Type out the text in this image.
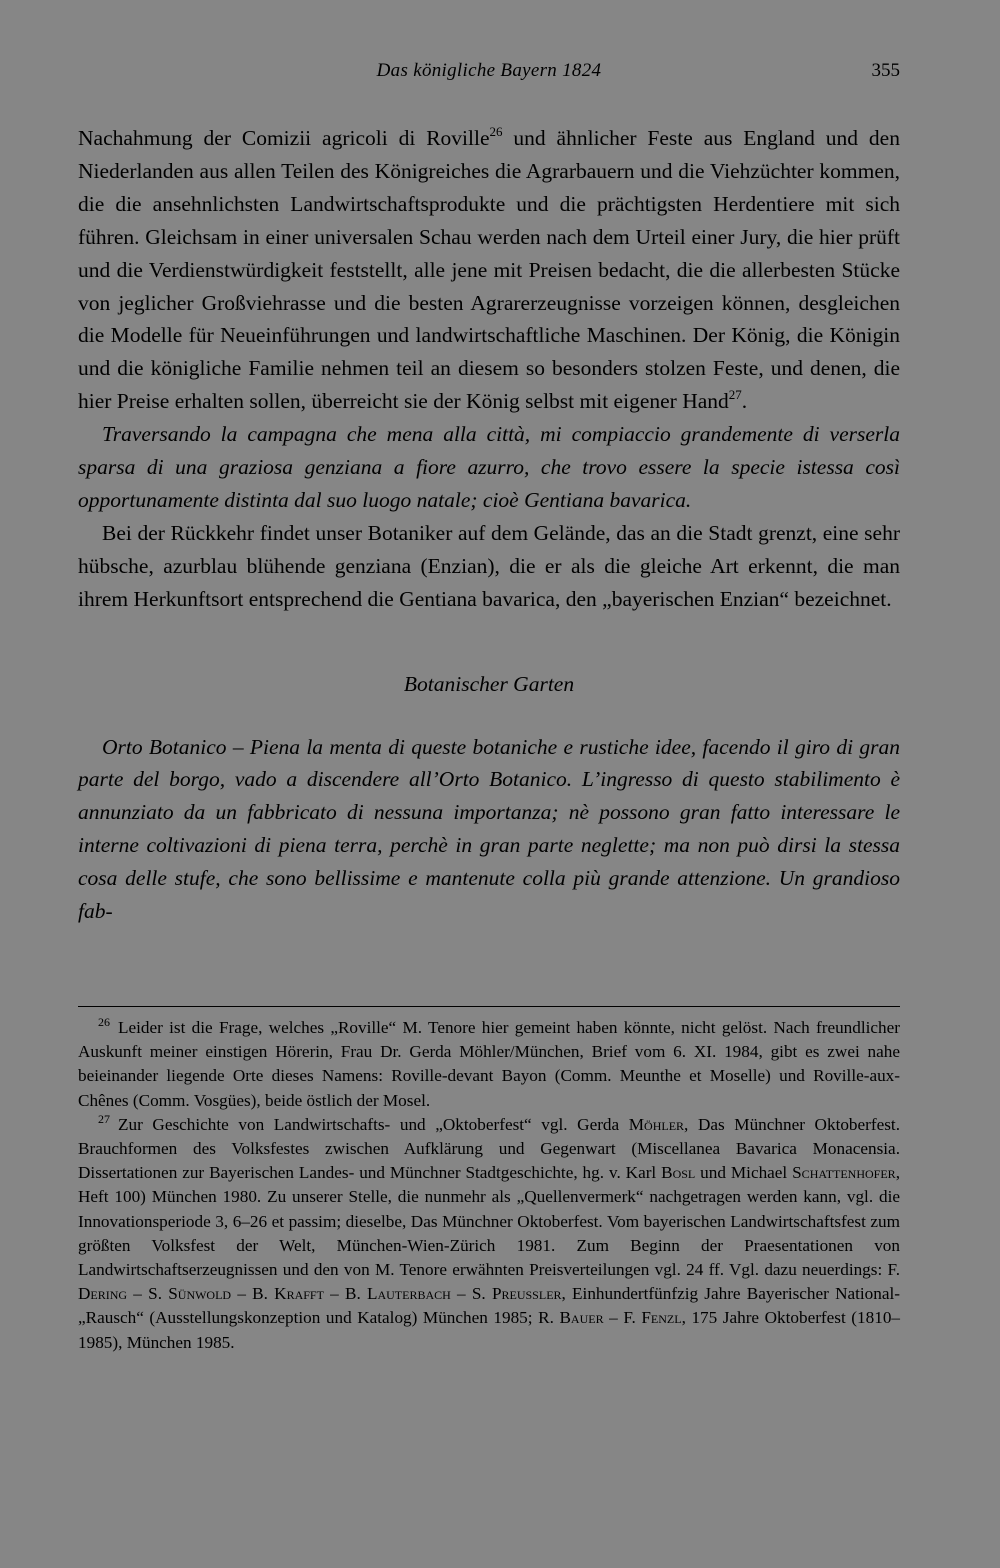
Das königliche Bayern 1824	355

Nachahmung der Comizii agricoli di Roville$^{26}$ und ähnlicher Feste aus England und den Niederlanden aus allen Teilen des Königreiches die Agrarbauern und die Viehzüchter kommen, die die ansehnlichsten Landwirtschaftsprodukte und die prächtigsten Herdentiere mit sich führen. Gleichsam in einer universalen Schau werden nach dem Urteil einer Jury, die hier prüft und die Verdienstwürdigkeit feststellt, alle jene mit Preisen bedacht, die die allerbesten Stücke von jeglicher Großviehrasse und die besten Agrarerzeugnisse vorzeigen können, desgleichen die Modelle für Neueinführungen und landwirtschaftliche Maschinen. Der König, die Königin und die königliche Familie nehmen teil an diesem so besonders stolzen Feste, und denen, die hier Preise erhalten sollen, überreicht sie der König selbst mit eigener Hand$^{27}$.

Traversando la campagna che mena alla città, mi compiaccio grandemente di verserla sparsa di una graziosa genziana a fiore azurro, che trovo essere la specie istessa così opportunamente distinta dal suo luogo natale; cioè Gentiana bavarica.

Bei der Rückkehr findet unser Botaniker auf dem Gelände, das an die Stadt grenzt, eine sehr hübsche, azurblau blühende genziana (Enzian), die er als die gleiche Art erkennt, die man ihrem Herkunftsort entsprechend die Gentiana bavarica, den „bayerischen Enzian“ bezeichnet.

Botanischer Garten

Orto Botanico – Piena la menta di queste botaniche e rustiche idee, facendo il giro di gran parte del borgo, vado a discendere all’Orto Botanico. L’ingresso di questo stabilimento è annunziato da un fabbricato di nessuna importanza; nè possono gran fatto interessare le interne coltivazioni di piena terra, perchè in gran parte neglette; ma non può dirsi la stessa cosa delle stufe, che sono bellissime e mantenute colla più grande attenzione. Un grandioso fab-

$^{26}$ Leider ist die Frage, welches „Roville“ M. Tenore hier gemeint haben könnte, nicht gelöst. Nach freundlicher Auskunft meiner einstigen Hörerin, Frau Dr. Gerda Möhler/München, Brief vom 6. XI. 1984, gibt es zwei nahe beieinander liegende Orte dieses Namens: Roville-devant Bayon (Comm. Meunthe et Moselle) und Roville-aux-Chênes (Comm. Vosgües), beide östlich der Mosel.

$^{27}$ Zur Geschichte von Landwirtschafts- und „Oktoberfest“ vgl. Gerda Möhler, Das Münchner Oktoberfest. Brauchformen des Volksfestes zwischen Aufklärung und Gegenwart (Miscellanea Bavarica Monacensia. Dissertationen zur Bayerischen Landes- und Münchner Stadtgeschichte, hg. v. Karl Bosl und Michael Schattenhofer, Heft 100) München 1980. Zu unserer Stelle, die nunmehr als „Quellenvermerk“ nachgetragen werden kann, vgl. die Innovationsperiode 3, 6–26 et passim; dieselbe, Das Münchner Oktoberfest. Vom bayerischen Landwirtschaftsfest zum größten Volksfest der Welt, München-Wien-Zürich 1981. Zum Beginn der Praesentationen von Landwirtschaftserzeugnissen und den von M. Tenore erwähnten Preisverteilungen vgl. 24 ff. Vgl. dazu neuerdings: F. Dering – S. Sünwold – B. Krafft – B. Lauterbach – S. Preussler, Einhundertfünfzig Jahre Bayerischer National-„Rausch“ (Ausstellungskonzeption und Katalog) München 1985; R. Bauer – F. Fenzl, 175 Jahre Oktoberfest (1810–1985), München 1985.
